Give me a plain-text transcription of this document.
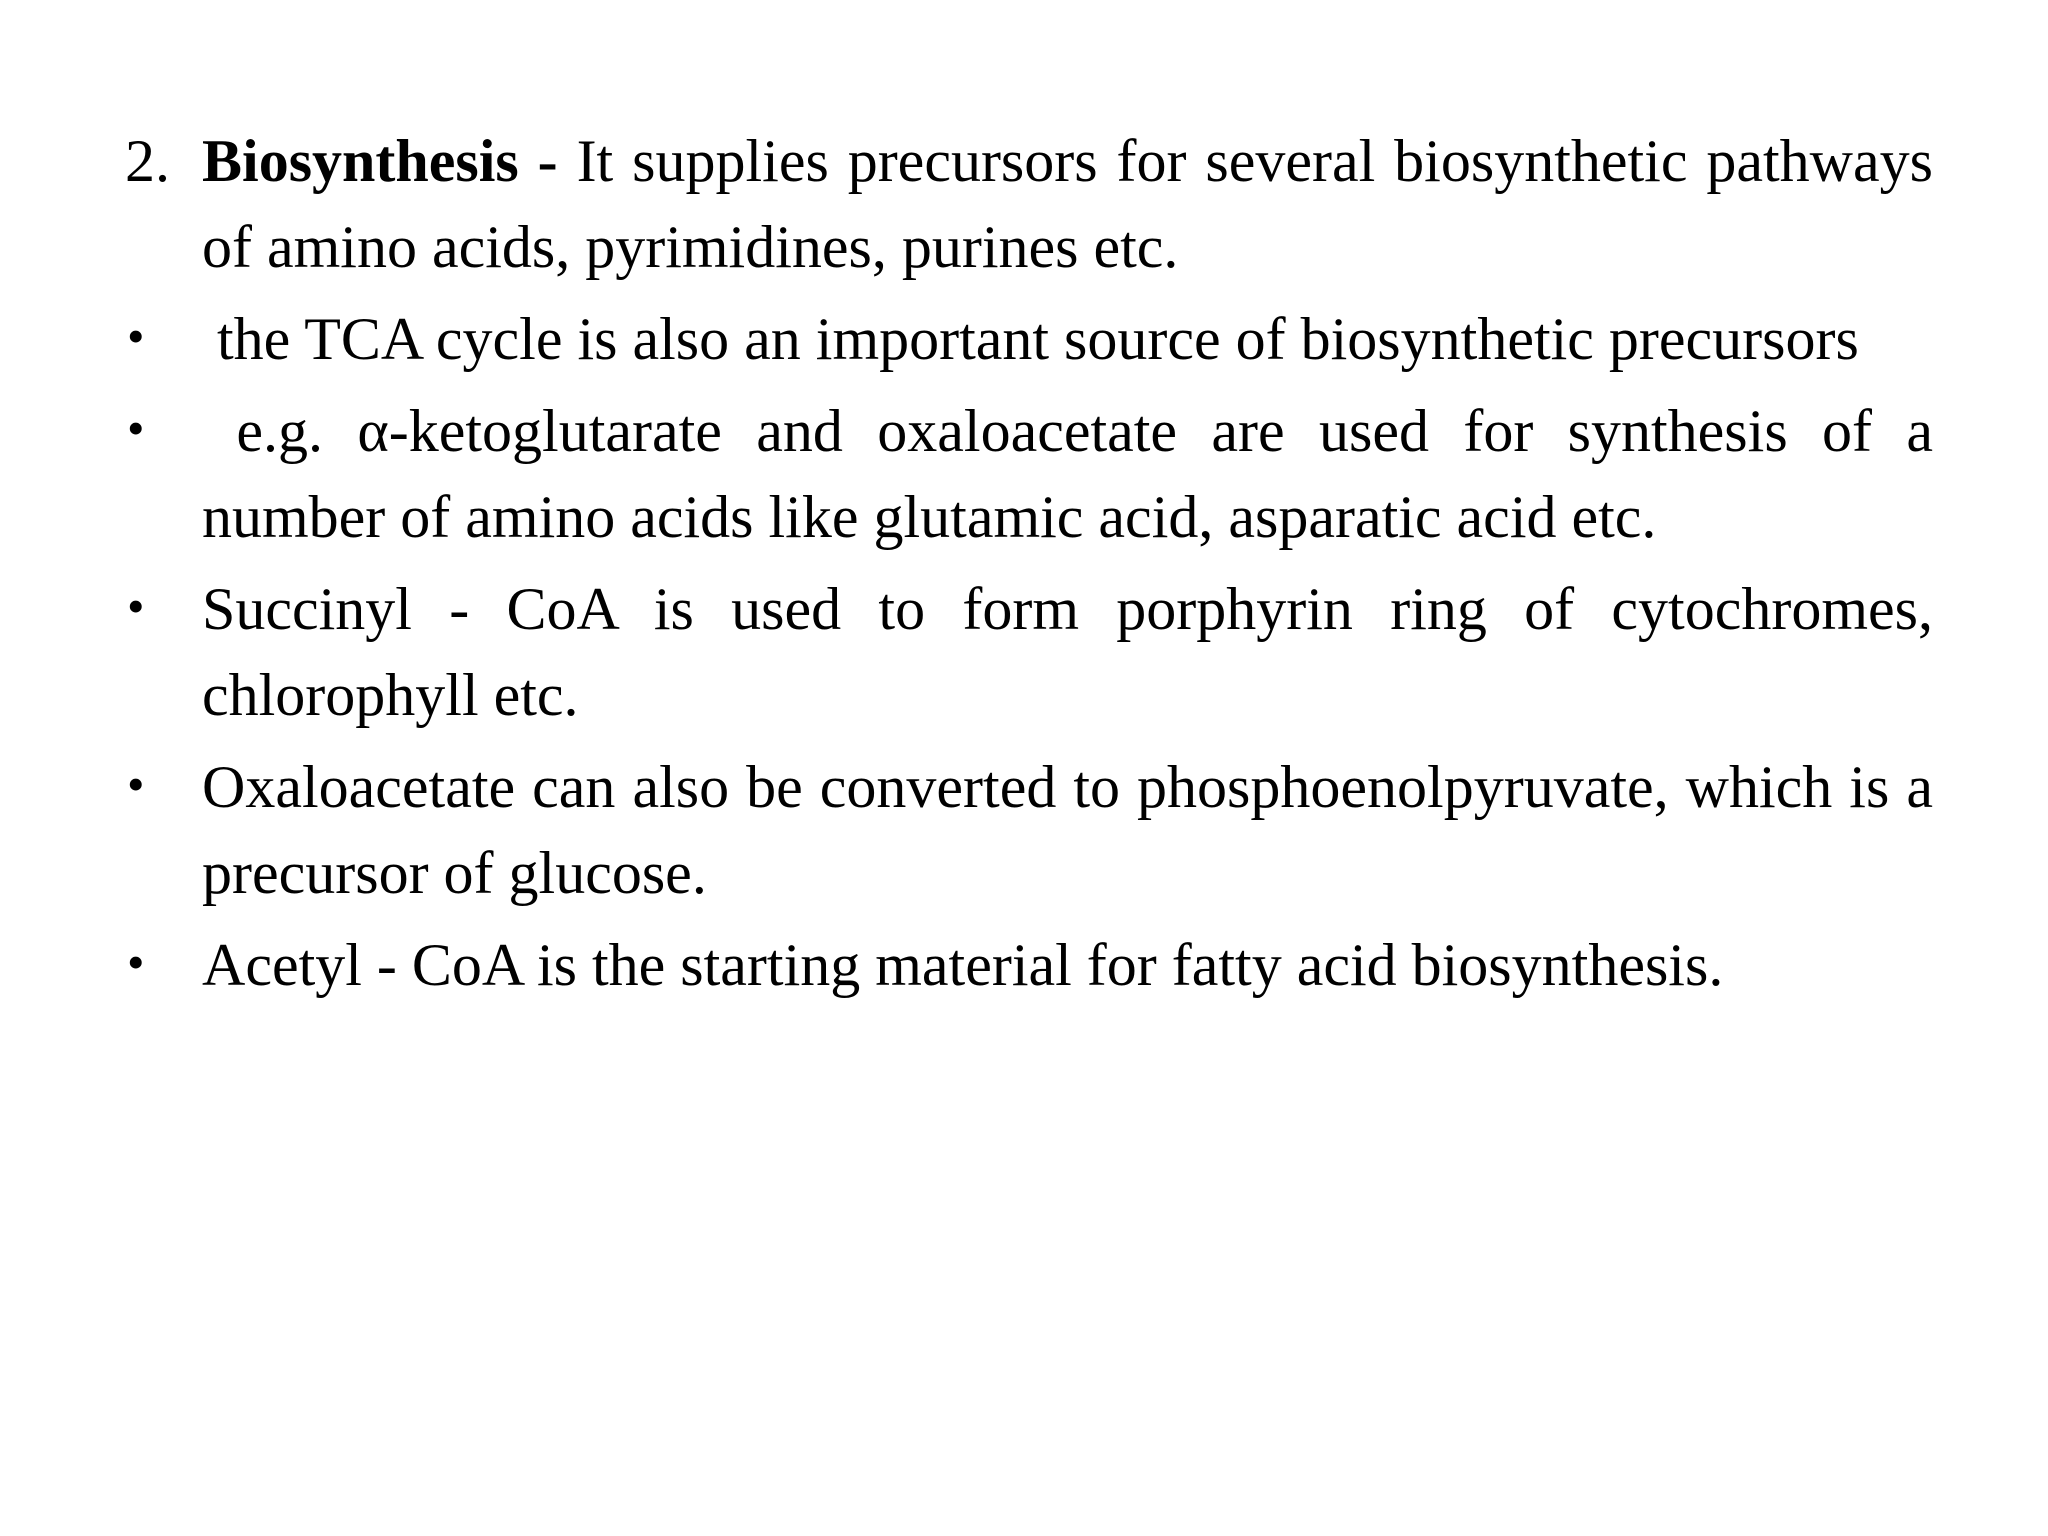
2. Biosynthesis - It supplies precursors for several biosynthetic pathways of amino acids, pyrimidines, purines etc.
• the TCA cycle is also an important source of biosynthetic precursors
• e.g. α-ketoglutarate and oxaloacetate are used for synthesis of a number of amino acids like glutamic acid, asparatic acid etc.
• Succinyl - CoA is used to form porphyrin ring of cytochromes, chlorophyll etc.
• Oxaloacetate can also be converted to phosphoenolpyruvate, which is a precursor of glucose.
• Acetyl - CoA is the starting material for fatty acid biosynthesis.
